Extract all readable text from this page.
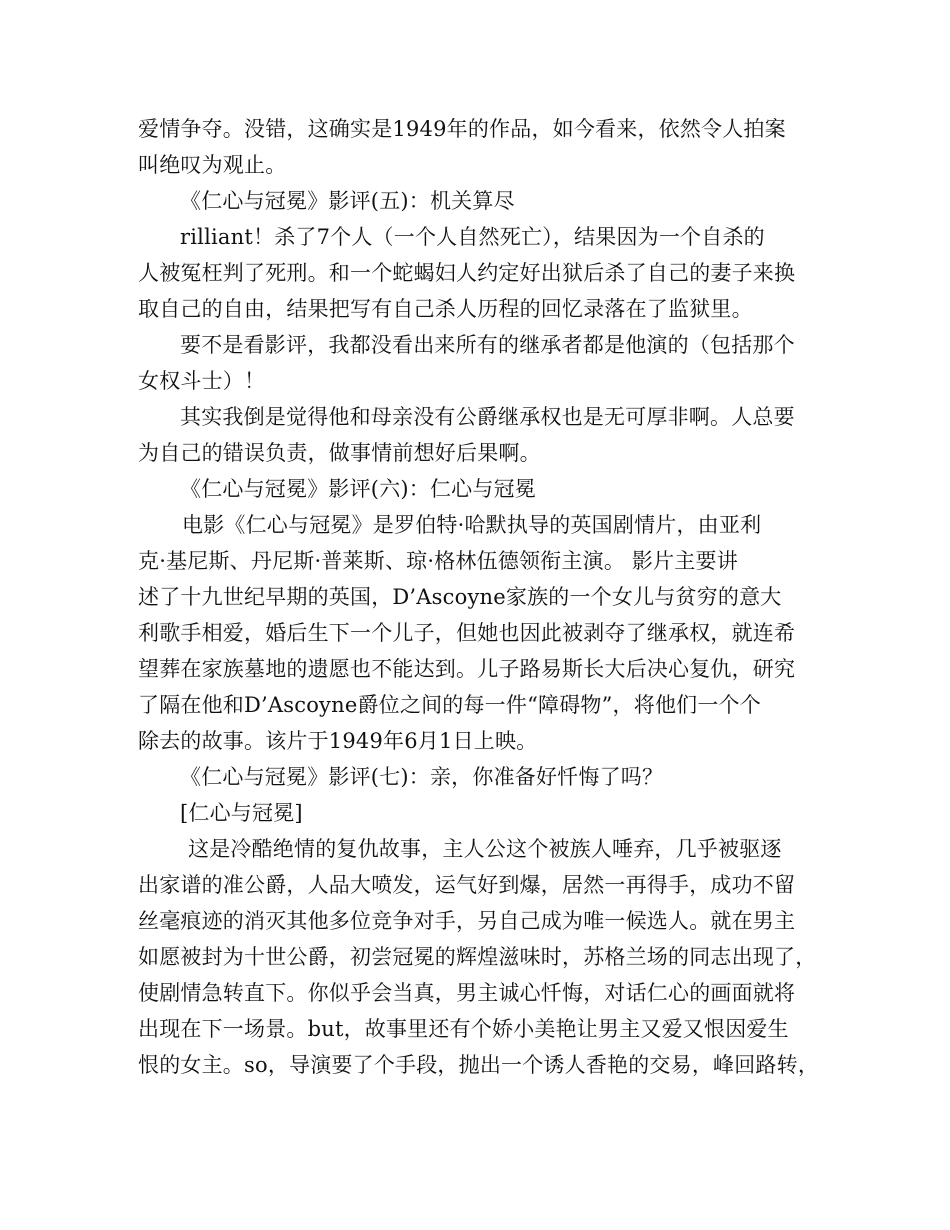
爱情争夺。没错，这确实是1949年的作品，如今看来，依然令人拍案
叫绝叹为观止。
《仁心与冠冕》影评(五)：机关算尽
rilliant！杀了7个人（一个人自然死亡），结果因为一个自杀的
人被冤枉判了死刑。和一个蛇蝎妇人约定好出狱后杀了自己的妻子来换
取自己的自由，结果把写有自己杀人历程的回忆录落在了监狱里。
要不是看影评，我都没看出来所有的继承者都是他演的（包括那个
女权斗士）！
其实我倒是觉得他和母亲没有公爵继承权也是无可厚非啊。人总要
为自己的错误负责，做事情前想好后果啊。
《仁心与冠冕》影评(六)：仁心与冠冕
电影《仁心与冠冕》是罗伯特·哈默执导的英国剧情片，由亚利
克·基尼斯、丹尼斯·普莱斯、琼·格林伍德领衔主演。 影片主要讲
述了十九世纪早期的英国，D’Ascoyne家族的一个女儿与贫穷的意大
利歌手相爱，婚后生下一个儿子，但她也因此被剥夺了继承权，就连希
望葬在家族墓地的遗愿也不能达到。儿子路易斯长大后决心复仇，研究
了隔在他和D’Ascoyne爵位之间的每一件“障碍物”，将他们一个个
除去的故事。该片于1949年6月1日上映。
《仁心与冠冕》影评(七)：亲，你准备好忏悔了吗？
[仁心与冠冕]
这是冷酷绝情的复仇故事，主人公这个被族人唾弃，几乎被驱逐
出家谱的准公爵，人品大喷发，运气好到爆，居然一再得手，成功不留
丝毫痕迹的消灭其他多位竞争对手，另自己成为唯一候选人。就在男主
如愿被封为十世公爵，初尝冠冕的辉煌滋味时，苏格兰场的同志出现了，
使剧情急转直下。你似乎会当真，男主诚心忏悔，对话仁心的画面就将
出现在下一场景。but，故事里还有个娇小美艳让男主又爱又恨因爱生
恨的女主。so，导演要了个手段，抛出一个诱人香艳的交易，峰回路转，
